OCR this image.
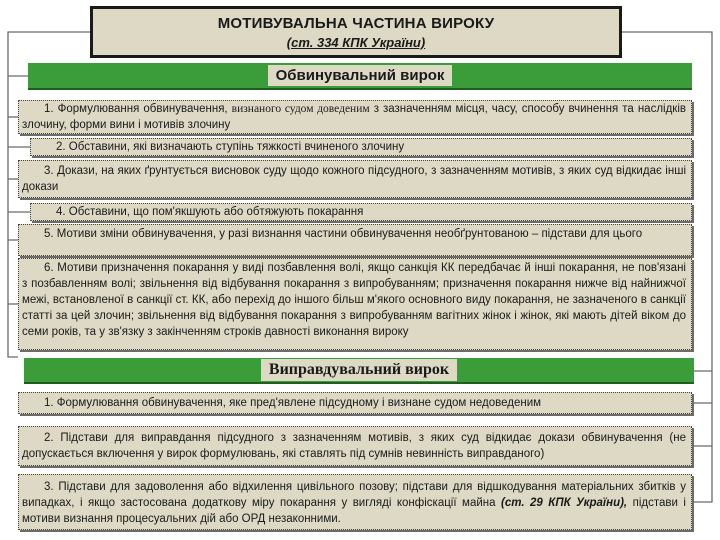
МОТИВУВАЛЬНА ЧАСТИНА ВИРОКУ
(ст. 334 КПК України)
Обвинувальний вирок
1. Формулювання обвинувачення, визнаного судом доведеним з зазначенням місця, часу, способу вчинення та наслідків злочину, форми вини і мотивів злочину
2. Обставини, які визначають ступінь тяжкості вчиненого злочину
3. Докази, на яких ґрунтується висновок суду щодо кожного підсудного, з зазначенням мотивів, з яких суд відкидає інші докази
4. Обставини, що пом'якшують або обтяжують покарання
5. Мотиви зміни обвинувачення, у разі визнання частини обвинувачення необґрунтованою – підстави для цього
6. Мотиви призначення покарання у виді позбавлення волі, якщо санкція КК передбачає й інші покарання, не пов'язані з позбавленням волі; звільнення від відбування покарання з випробуванням; призначення покарання нижче від найнижчої межі, встановленої в санкції ст. КК, або перехід до іншого більш м'якого основного виду покарання, не зазначеного в санкції статті за цей злочин; звільнення від відбування покарання з випробуванням вагітних жінок і жінок, які мають дітей віком до семи років, та у зв'язку з закінченням строків давності виконання вироку
Виправдувальний вирок
1. Формулювання обвинувачення, яке пред'явлене підсудному і визнане судом недоведеним
2. Підстави для виправдання підсудного з зазначенням мотивів, з яких суд відкидає докази обвинувачення (не допускається включення у вирок формулювань, які ставлять під сумнів невинність виправданого)
3. Підстави для задоволення або відхилення цивільного позову; підстави для відшкодування матеріальних збитків у випадках, і якщо застосована додаткову міру покарання у вигляді конфіскації майна (ст. 29 КПК України), підстави і мотиви визнання процесуальних дій або ОРД незаконними.
